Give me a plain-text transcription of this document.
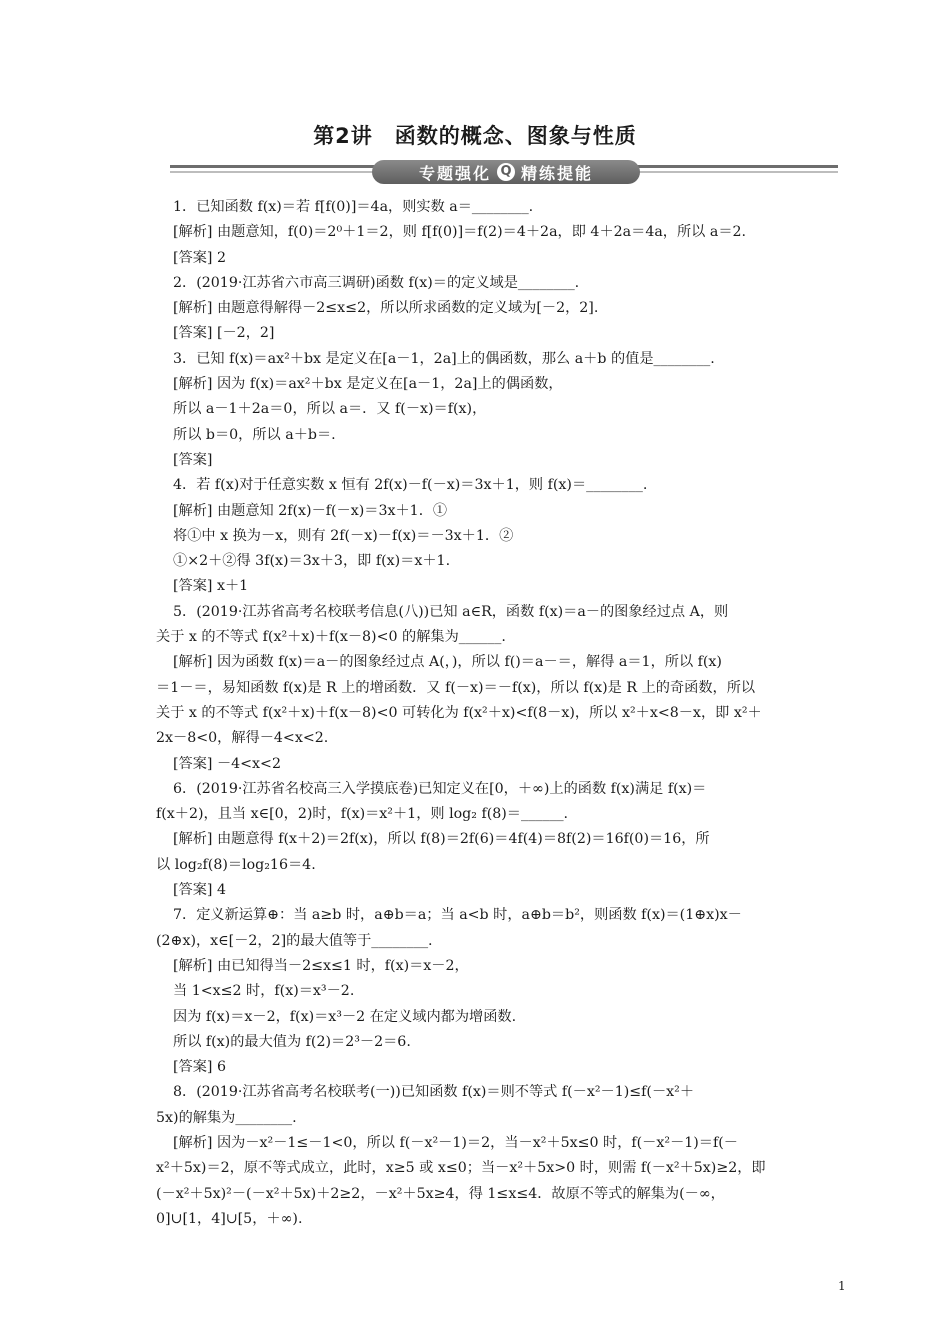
第2讲　函数的概念、图象与性质
专题强化 Q 精练提能

1．已知函数 f(x)＝若 f[f(0)]＝4a，则实数 a＝________.

[解析] 由题意知，f(0)＝2⁰＋1＝2，则 f[f(0)]＝f(2)＝4＋2a，即 4＋2a＝4a，所以 a＝2.

[答案] 2

2．(2019·江苏省六市高三调研)函数 f(x)＝的定义域是________.

[解析] 由题意得解得－2≤x≤2，所以所求函数的定义域为[－2，2].

[答案] [－2，2]

3．已知 f(x)＝ax²＋bx 是定义在[a－1，2a]上的偶函数，那么 a＋b 的值是________.

[解析] 因为 f(x)＝ax²＋bx 是定义在[a－1，2a]上的偶函数，

所以 a－1＋2a＝0，所以 a＝．又 f(－x)＝f(x)，

所以 b＝0，所以 a＋b＝.

[答案]

4．若 f(x)对于任意实数 x 恒有 2f(x)－f(－x)＝3x＋1，则 f(x)＝________.

[解析] 由题意知 2f(x)－f(－x)＝3x＋1．①

将①中 x 换为－x，则有 2f(－x)－f(x)＝－3x＋1．②

①×2＋②得 3f(x)＝3x＋3，即 f(x)＝x＋1.

[答案] x＋1

5．(2019·江苏省高考名校联考信息(八))已知 a∈R，函数 f(x)＝a－的图象经过点 A，则

关于 x 的不等式 f(x²＋x)＋f(x－8)<0 的解集为______.

[解析] 因为函数 f(x)＝a－的图象经过点 A(，)，所以 f()＝a－＝，解得 a＝1，所以 f(x)

＝1－＝，易知函数 f(x)是 R 上的增函数．又 f(－x)＝－f(x)，所以 f(x)是 R 上的奇函数，所以

关于 x 的不等式 f(x²＋x)＋f(x－8)<0 可转化为 f(x²＋x)<f(8－x)，所以 x²＋x<8－x，即 x²＋

2x－8<0，解得－4<x<2.

[答案] －4<x<2

6．(2019·江苏省名校高三入学摸底卷)已知定义在[0，＋∞)上的函数 f(x)满足 f(x)＝

f(x＋2)，且当 x∈[0，2)时，f(x)＝x²＋1，则 log₂ f(8)＝______.

[解析] 由题意得 f(x＋2)＝2f(x)，所以 f(8)＝2f(6)＝4f(4)＝8f(2)＝16f(0)＝16，所

以 log₂f(8)＝log₂16＝4.

[答案] 4

7．定义新运算⊕：当 a≥b 时，a⊕b＝a；当 a<b 时，a⊕b＝b²，则函数 f(x)＝(1⊕x)x－

(2⊕x)，x∈[－2，2]的最大值等于________.

[解析] 由已知得当－2≤x≤1 时，f(x)＝x－2，

当 1<x≤2 时，f(x)＝x³－2.

因为 f(x)＝x－2，f(x)＝x³－2 在定义域内都为增函数.

所以 f(x)的最大值为 f(2)＝2³－2＝6.

[答案] 6

8．(2019·江苏省高考名校联考(一))已知函数 f(x)＝则不等式 f(－x²－1)≤f(－x²＋

5x)的解集为________.

[解析] 因为－x²－1≤－1<0，所以 f(－x²－1)＝2，当－x²＋5x≤0 时，f(－x²－1)＝f(－

x²＋5x)＝2，原不等式成立，此时，x≥5 或 x≤0；当－x²＋5x>0 时，则需 f(－x²＋5x)≥2，即

(－x²＋5x)²－(－x²＋5x)＋2≥2，－x²＋5x≥4，得 1≤x≤4．故原不等式的解集为(－∞，

0]∪[1，4]∪[5，＋∞).

1
